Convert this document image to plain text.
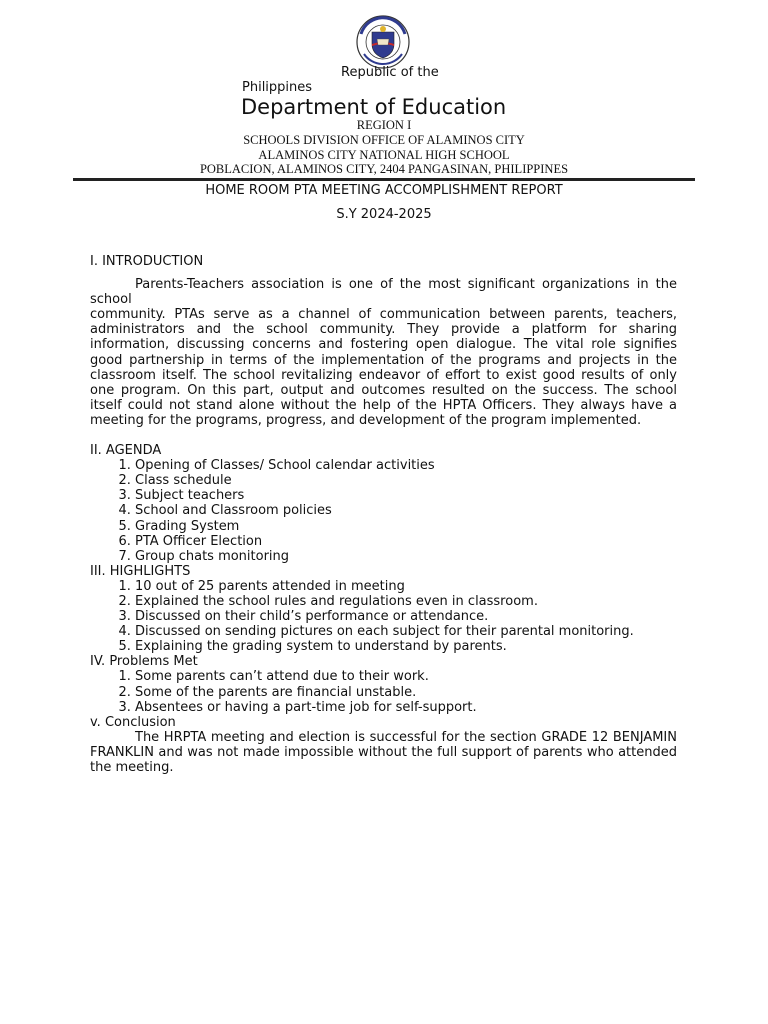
Republic of the
Philippines
Department of Education
REGION I
SCHOOLS DIVISION OFFICE OF ALAMINOS CITY
ALAMINOS CITY NATIONAL HIGH SCHOOL
POBLACION, ALAMINOS CITY, 2404 PANGASINAN, PHILIPPINES
HOME ROOM PTA MEETING ACCOMPLISHMENT REPORT
S.Y 2024-2025

I. INTRODUCTION

Parents-Teachers association is one of the most significant organizations in the school

community. PTAs serve as a channel of communication between parents, teachers, administrators and the school community. They provide a platform for sharing information, discussing concerns and fostering open dialogue. The vital role signifies good partnership in terms of the implementation of the programs and projects in the classroom itself. The school revitalizing endeavor of effort to exist good results of only one program. On this part, output and outcomes resulted on the success. The school itself could not stand alone without the help of the HPTA Officers. They always have a meeting for the programs, progress, and development of the program implemented.

II. AGENDA

1. Opening of Classes/ School calendar activities
2. Class schedule
3. Subject teachers
4. School and Classroom policies
5. Grading System
6. PTA Officer Election
7. Group chats monitoring

III. HIGHLIGHTS

1. 10 out of 25 parents attended in meeting
2. Explained the school rules and regulations even in classroom.
3. Discussed on their child’s performance or attendance.
4. Discussed on sending pictures on each subject for their parental monitoring.
5. Explaining the grading system to understand by parents.

IV. Problems Met

1. Some parents can’t attend due to their work.
2. Some of the parents are financial unstable.
3. Absentees or having a part-time job for self-support.

v. Conclusion

The HRPTA meeting and election is successful for the section GRADE 12 BENJAMIN FRANKLIN and was not made impossible without the full support of parents who attended the meeting.
